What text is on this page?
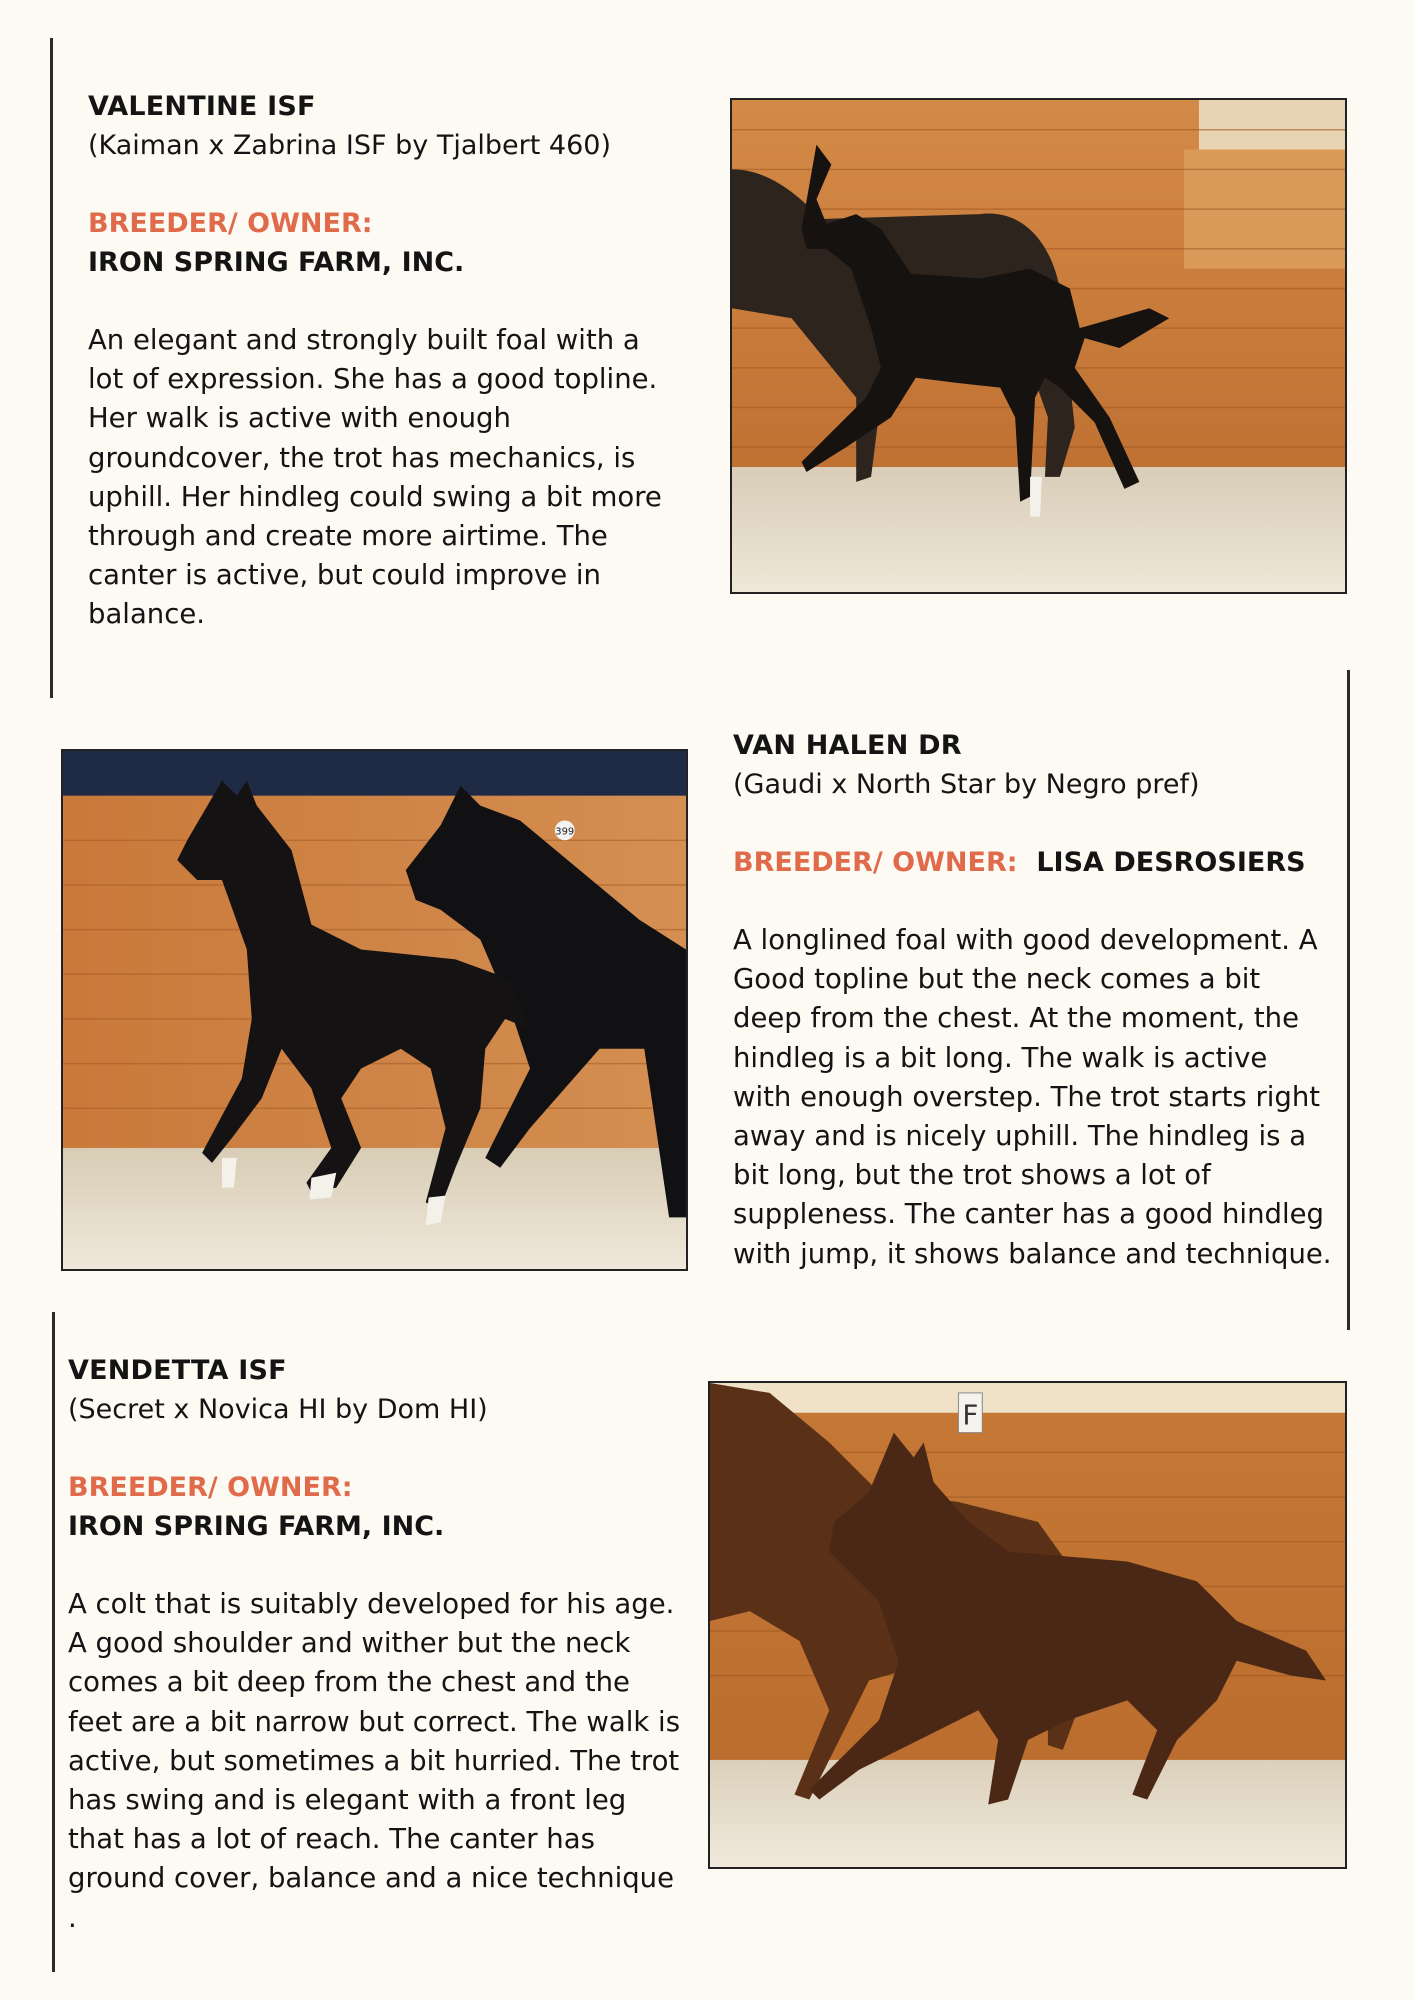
VALENTINE ISF
(Kaiman x Zabrina ISF by Tjalbert 460)
BREEDER/ OWNER:
IRON SPRING FARM, INC.

An elegant and strongly built foal with a lot of expression. She has a good topline. Her walk is active with enough groundcover, the trot has mechanics, is uphill. Her hindleg could swing a bit more through and create more airtime. The canter is active, but could improve in balance.

399
VAN HALEN DR
(Gaudi x North Star by Negro pref)
BREEDER/ OWNER: LISA DESROSIERS

A longlined foal with good development. A Good topline but the neck comes a bit deep from the chest. At the moment, the hindleg is a bit long. The walk is active with enough overstep. The trot starts right away and is nicely uphill. The hindleg is a bit long, but the trot shows a lot of suppleness. The canter has a good hindleg with jump, it shows balance and technique.

VENDETTA ISF
(Secret x Novica HI by Dom HI)
BREEDER/ OWNER:
IRON SPRING FARM, INC.

A colt that is suitably developed for his age. A good shoulder and wither but the neck comes a bit deep from the chest and the feet are a bit narrow but correct. The walk is active, but sometimes a bit hurried. The trot has swing and is elegant with a front leg that has a lot of reach. The canter has ground cover, balance and a nice technique .

F
